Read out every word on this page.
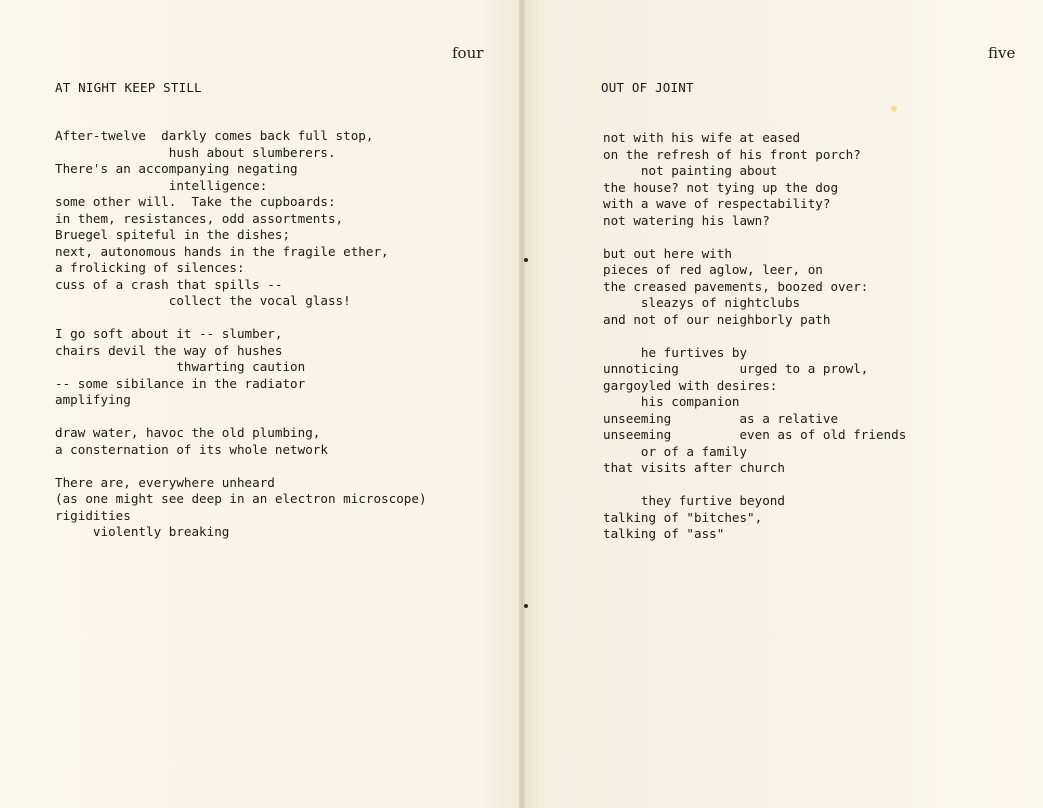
four
AT NIGHT KEEP STILL
After-twelve  darkly comes back full stop,
hush about slumberers.
There's an accompanying negating
intelligence:
some other will.  Take the cupboards:
in them, resistances, odd assortments,
Bruegel spiteful in the dishes;
next, autonomous hands in the fragile ether,
a frolicking of silences:
cuss of a crash that spills --
collect the vocal glass!

I go soft about it -- slumber,
chairs devil the way of hushes
thwarting caution
-- some sibilance in the radiator
amplifying

draw water, havoc the old plumbing,
a consternation of its whole network

There are, everywhere unheard
(as one might see deep in an electron microscope)
rigidities
violently breaking
five
OUT OF JOINT
not with his wife at eased
on the refresh of his front porch?
not painting about
the house? not tying up the dog
with a wave of respectability?
not watering his lawn?

but out here with
pieces of red aglow, leer, on
the creased pavements, boozed over:
sleazys of nightclubs
and not of our neighborly path

he furtives by
unnoticing        urged to a prowl,
gargoyled with desires:
his companion
unseeming         as a relative
unseeming         even as of old friends
or of a family
that visits after church

they furtive beyond
talking of "bitches",
talking of "ass"
